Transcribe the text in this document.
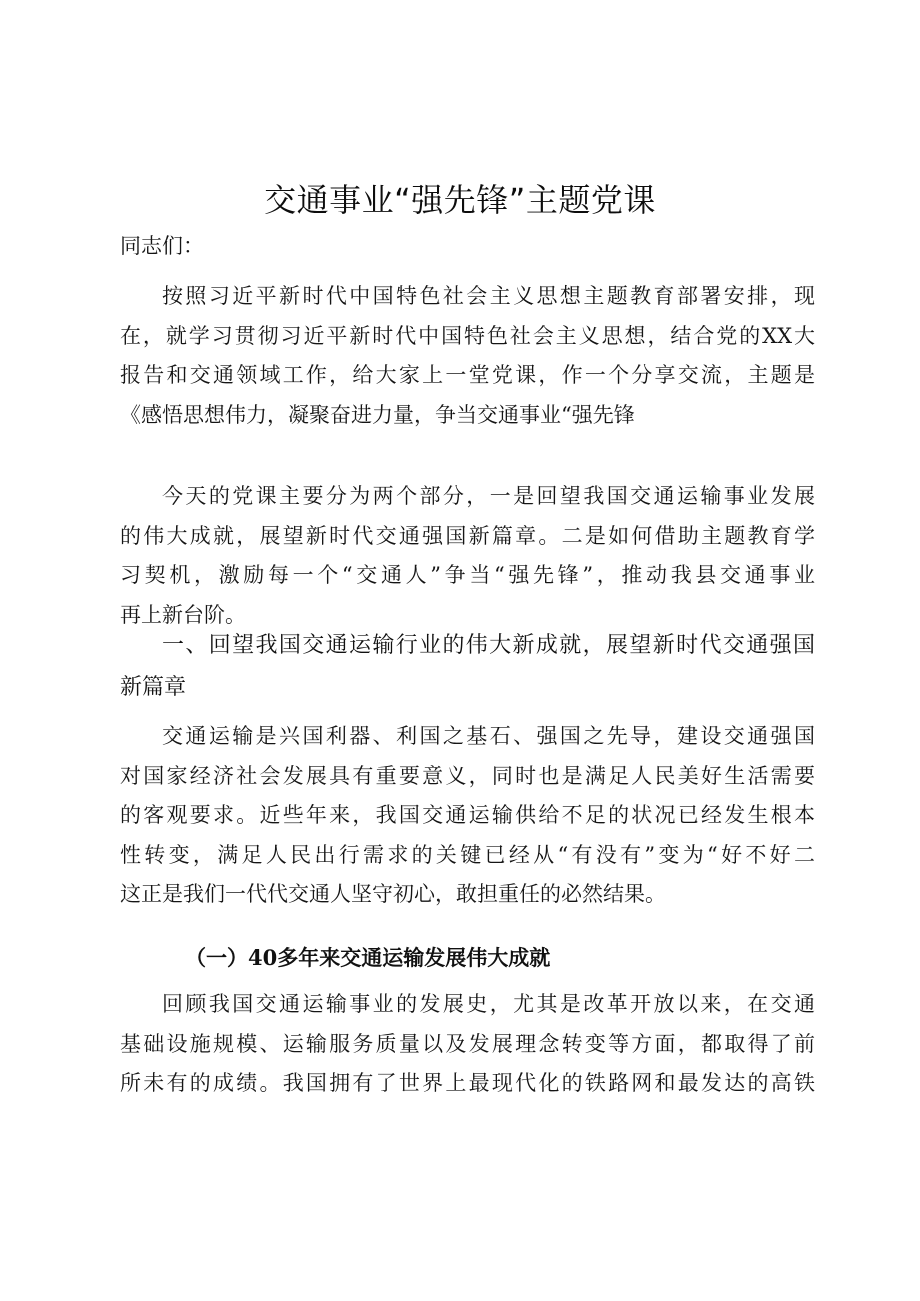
交通事业“强先锋”主题党课

同志们：

按照习近平新时代中国特色社会主义思想主题教育部署安排，现
在，就学习贯彻习近平新时代中国特色社会主义思想，结合党的XX大
报告和交通领域工作，给大家上一堂党课，作一个分享交流，主题是
《感悟思想伟力，凝聚奋进力量，争当交通事业“强先锋
今天的党课主要分为两个部分，一是回望我国交通运输事业发展
的伟大成就，展望新时代交通强国新篇章。二是如何借助主题教育学
习契机，激励每一个“交通人”争当“强先锋”，推动我县交通事业
再上新台阶。
一、回望我国交通运输行业的伟大新成就，展望新时代交通强国
新篇章
交通运输是兴国利器、利国之基石、强国之先导，建设交通强国
对国家经济社会发展具有重要意义，同时也是满足人民美好生活需要
的客观要求。近些年来，我国交通运输供给不足的状况已经发生根本
性转变，满足人民出行需求的关键已经从“有没有”变为“好不好二
这正是我们一代代交通人坚守初心，敢担重任的必然结果。

（一）40多年来交通运输发展伟大成就

回顾我国交通运输事业的发展史，尤其是改革开放以来，在交通
基础设施规模、运输服务质量以及发展理念转变等方面，都取得了前
所未有的成绩。我国拥有了世界上最现代化的铁路网和最发达的高铁
